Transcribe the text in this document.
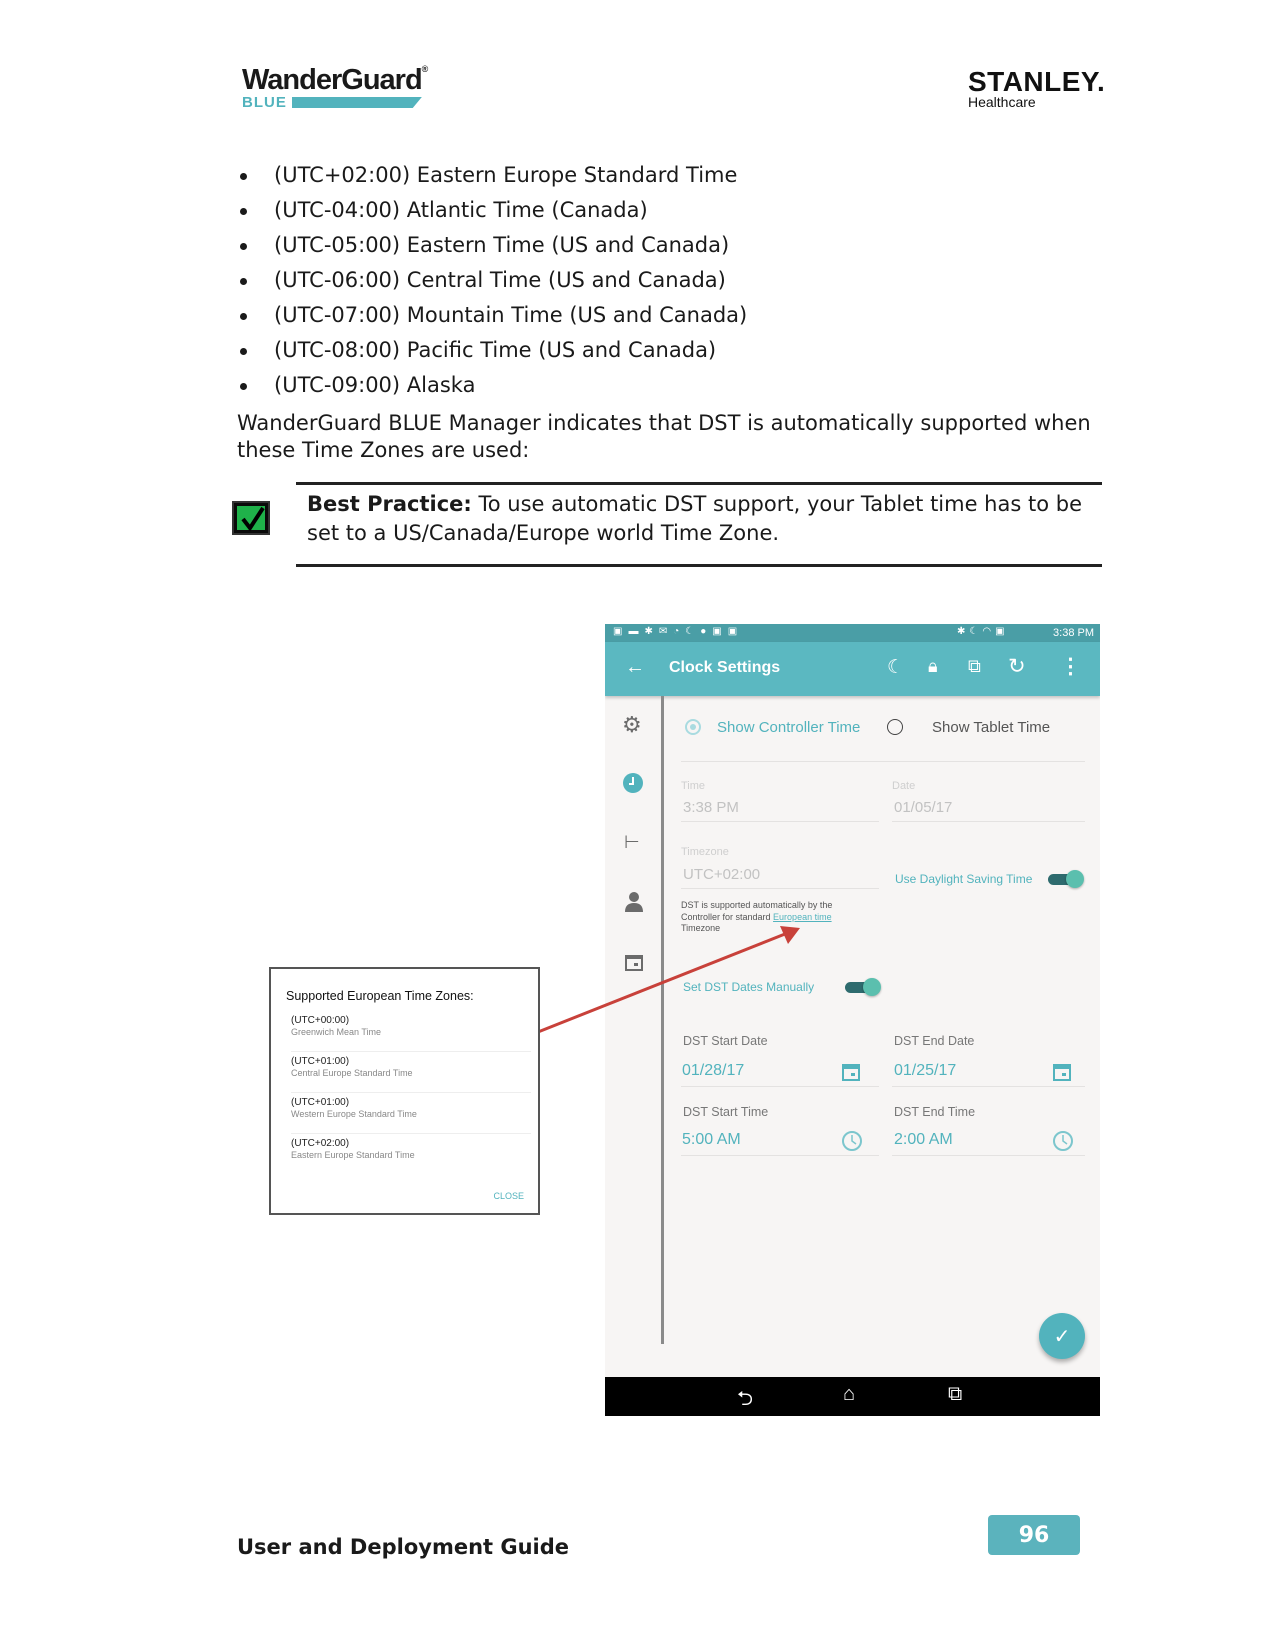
WanderGuard®
BLUE
STANLEY.
Healthcare
(UTC+02:00) Eastern Europe Standard Time
(UTC-04:00) Atlantic Time (Canada)
(UTC-05:00) Eastern Time (US and Canada)
(UTC-06:00) Central Time (US and Canada)
(UTC-07:00) Mountain Time (US and Canada)
(UTC-08:00) Pacific Time (US and Canada)
(UTC-09:00) Alaska
WanderGuard BLUE Manager indicates that DST is automatically supported when these Time Zones are used:
Best Practice: To use automatic DST support, your Tablet time has to be set to a US/Canada/Europe world Time Zone.
▣▬✱✉◔☾●▣▣	✱☾◠▣	3:38 PM
← Clock Settings	☾ 🔒︎ ⧉ ↻ ⋮
⚙
⊢
Show Controller Time	Show Tablet Time
Time
3:38 PM
Date
01/05/17
Timezone
UTC+02:00	Use Daylight Saving Time
DST is supported automatically by the Controller for standard European time Timezone
Set DST Dates Manually
DST Start Date
01/28/17
DST End Date
01/25/17
DST Start Time
5:00 AM
DST End Time
2:00 AM
✓
⮌	⌂	⧉
Supported European Time Zones:
(UTC+00:00)
Greenwich Mean Time
(UTC+01:00)
Central Europe Standard Time
(UTC+01:00)
Western Europe Standard Time
(UTC+02:00)
Eastern Europe Standard Time
CLOSE
User and Deployment Guide	96
